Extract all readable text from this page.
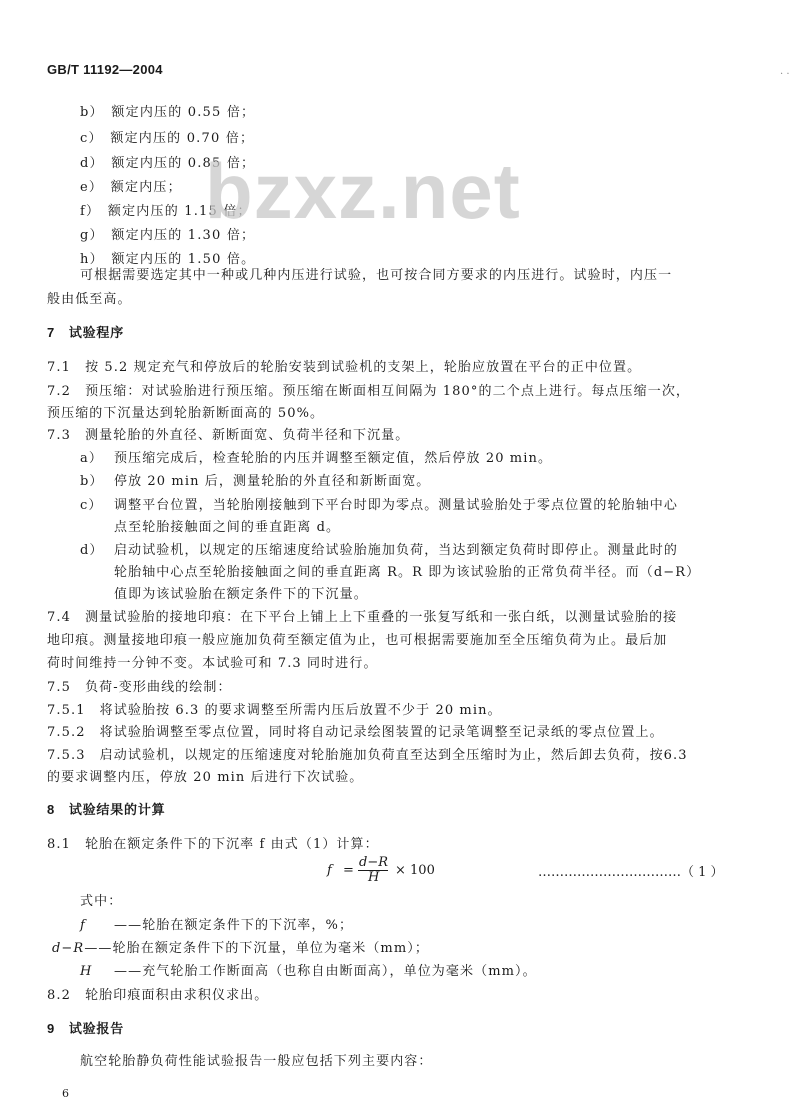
GB/T 11192—2004	. .
b）　额定内压的 0.55 倍；
c）　额定内压的 0.70 倍；
d）　额定内压的 0.85 倍；
e）　额定内压；
f）　额定内压的 1.15 倍；
g）　额定内压的 1.30 倍；
h）　额定内压的 1.50 倍。
可根据需要选定其中一种或几种内压进行试验，也可按合同方要求的内压进行。试验时，内压一
般由低至高。
bzxz.net
7　试验程序
7.1　按 5.2 规定充气和停放后的轮胎安装到试验机的支架上，轮胎应放置在平台的正中位置。
7.2　预压缩：对试验胎进行预压缩。预压缩在断面相互间隔为 180°的二个点上进行。每点压缩一次，
预压缩的下沉量达到轮胎新断面高的 50%。
7.3　测量轮胎的外直径、新断面宽、负荷半径和下沉量。
a） 预压缩完成后，检查轮胎的内压并调整至额定值，然后停放 20 min。
b） 停放 20 min 后，测量轮胎的外直径和新断面宽。
c） 调整平台位置，当轮胎刚接触到下平台时即为零点。测量试验胎处于零点位置的轮胎轴中心
点至轮胎接触面之间的垂直距离 d。
d） 启动试验机，以规定的压缩速度给试验胎施加负荷，当达到额定负荷时即停止。测量此时的
轮胎轴中心点至轮胎接触面之间的垂直距离 R。R 即为该试验胎的正常负荷半径。而（d−R）
值即为该试验胎在额定条件下的下沉量。
7.4　测量试验胎的接地印痕：在下平台上铺上上下重叠的一张复写纸和一张白纸，以测量试验胎的接
地印痕。测量接地印痕一般应施加负荷至额定值为止，也可根据需要施加至全压缩负荷为止。最后加
荷时间维持一分钟不变。本试验可和 7.3 同时进行。
7.5　负荷-变形曲线的绘制：
7.5.1　将试验胎按 6.3 的要求调整至所需内压后放置不少于 20 min。
7.5.2　将试验胎调整至零点位置，同时将自动记录绘图装置的记录笔调整至记录纸的零点位置上。
7.5.3　启动试验机，以规定的压缩速度对轮胎施加负荷直至达到全压缩时为止，然后卸去负荷，按6.3
的要求调整内压，停放 20 min 后进行下次试验。
8　试验结果的计算
8.1　轮胎在额定条件下的下沉率 f 由式（1）计算：
f =
d−R
H × 100	……………………………（ 1 ）
式中：
f ——轮胎在额定条件下的下沉率，%；
d−R——轮胎在额定条件下的下沉量，单位为毫米（mm）；
H ——充气轮胎工作断面高（也称自由断面高），单位为毫米（mm）。
8.2　轮胎印痕面积由求积仪求出。
9　试验报告
航空轮胎静负荷性能试验报告一般应包括下列主要内容：
6
